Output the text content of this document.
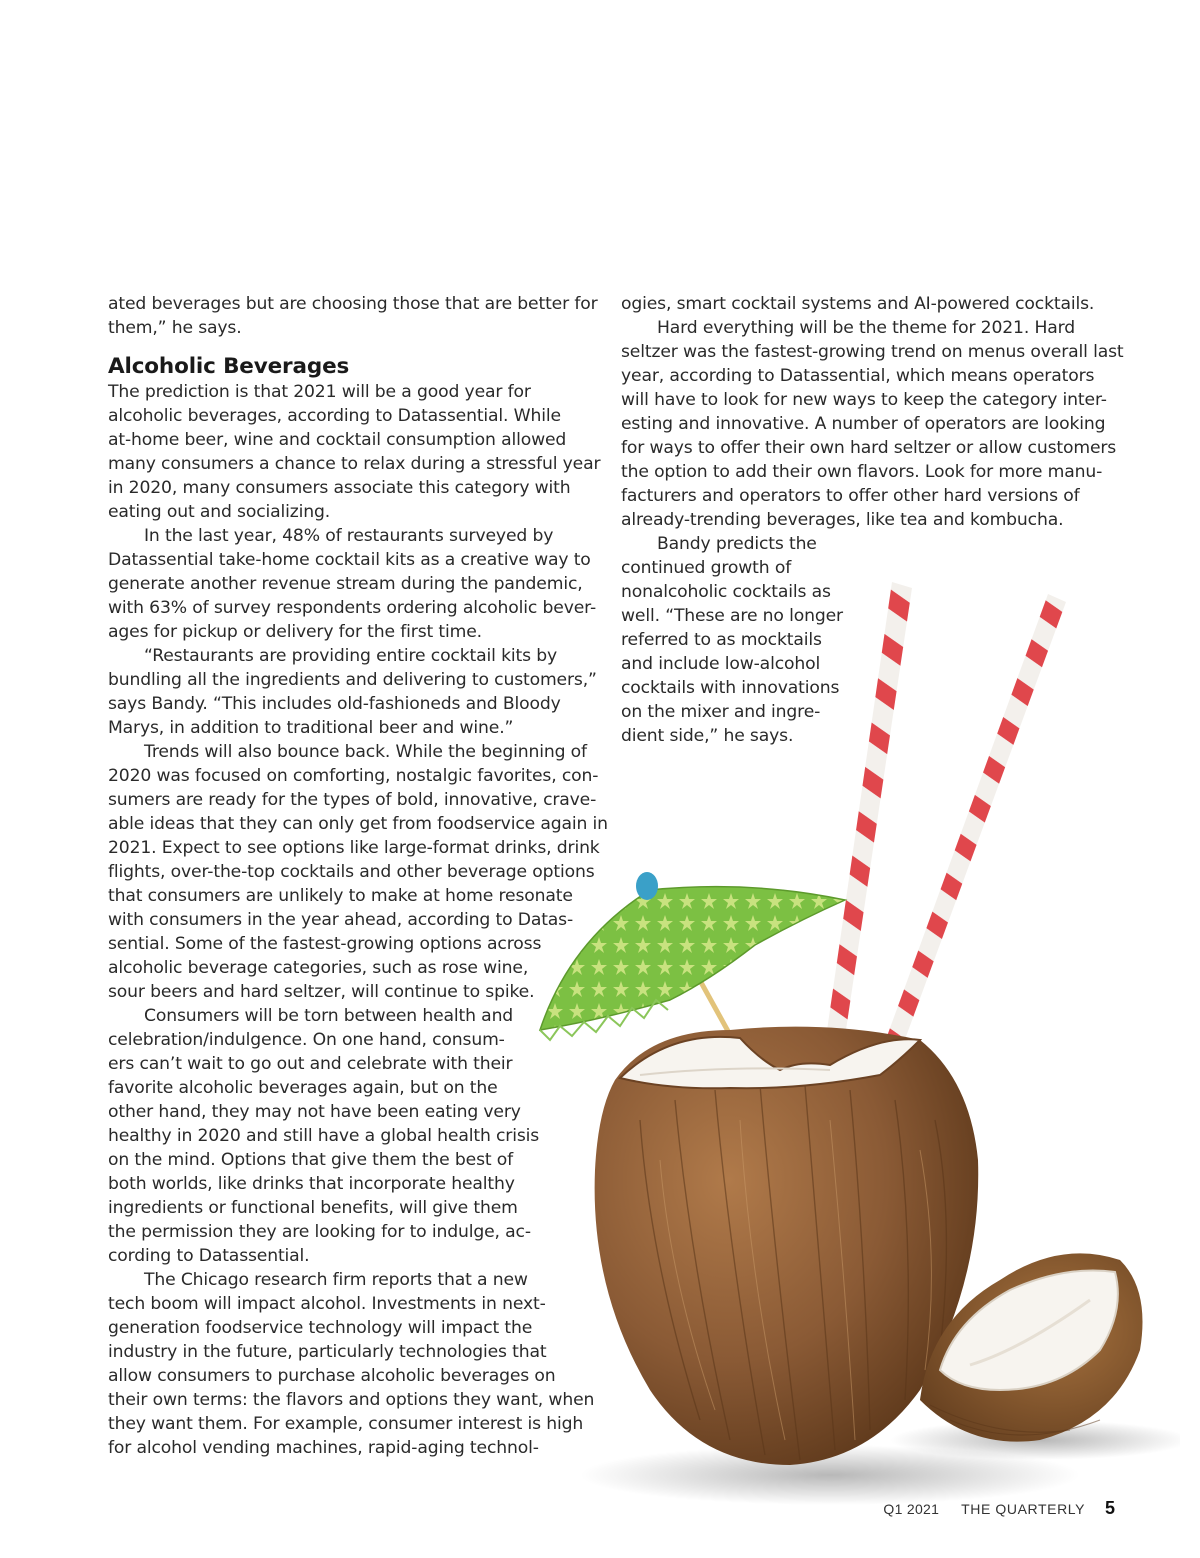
ated beverages but are choosing those that are better for
them,” he says.
Alcoholic Beverages
The prediction is that 2021 will be a good year for
alcoholic beverages, according to Datassential. While
at-home beer, wine and cocktail consumption allowed
many consumers a chance to relax during a stressful year
in 2020, many consumers associate this category with
eating out and socializing.
In the last year, 48% of restaurants surveyed by
Datassential take-home cocktail kits as a creative way to
generate another revenue stream during the pandemic,
with 63% of survey respondents ordering alcoholic bever-
ages for pickup or delivery for the first time.
“Restaurants are providing entire cocktail kits by
bundling all the ingredients and delivering to customers,”
says Bandy. “This includes old-fashioneds and Bloody
Marys, in addition to traditional beer and wine.”
Trends will also bounce back. While the beginning of
2020 was focused on comforting, nostalgic favorites, con-
sumers are ready for the types of bold, innovative, crave-
able ideas that they can only get from foodservice again in
2021. Expect to see options like large-format drinks, drink
flights, over-the-top cocktails and other beverage options
that consumers are unlikely to make at home resonate
with consumers in the year ahead, according to Datas-
sential. Some of the fastest-growing options across
alcoholic beverage categories, such as rose wine,
sour beers and hard seltzer, will continue to spike.
Consumers will be torn between health and
celebration/indulgence. On one hand, consum-
ers can’t wait to go out and celebrate with their
favorite alcoholic beverages again, but on the
other hand, they may not have been eating very
healthy in 2020 and still have a global health crisis
on the mind. Options that give them the best of
both worlds, like drinks that incorporate healthy
ingredients or functional benefits, will give them
the permission they are looking for to indulge, ac-
cording to Datassential.
The Chicago research firm reports that a new
tech boom will impact alcohol. Investments in next-
generation foodservice technology will impact the
industry in the future, particularly technologies that
allow consumers to purchase alcoholic beverages on
their own terms: the flavors and options they want, when
they want them. For example, consumer interest is high
for alcohol vending machines, rapid-aging technol-
ogies, smart cocktail systems and AI-powered cocktails.
Hard everything will be the theme for 2021. Hard
seltzer was the fastest-growing trend on menus overall last
year, according to Datassential, which means operators
will have to look for new ways to keep the category inter-
esting and innovative. A number of operators are looking
for ways to offer their own hard seltzer or allow customers
the option to add their own flavors. Look for more manu-
facturers and operators to offer other hard versions of
already-trending beverages, like tea and kombucha.
Bandy predicts the
continued growth of
nonalcoholic cocktails as
well. “These are no longer
referred to as mocktails
and include low-alcohol
cocktails with innovations
on the mixer and ingre-
dient side,” he says.
Q1 2021 THE QUARTERLY 5
